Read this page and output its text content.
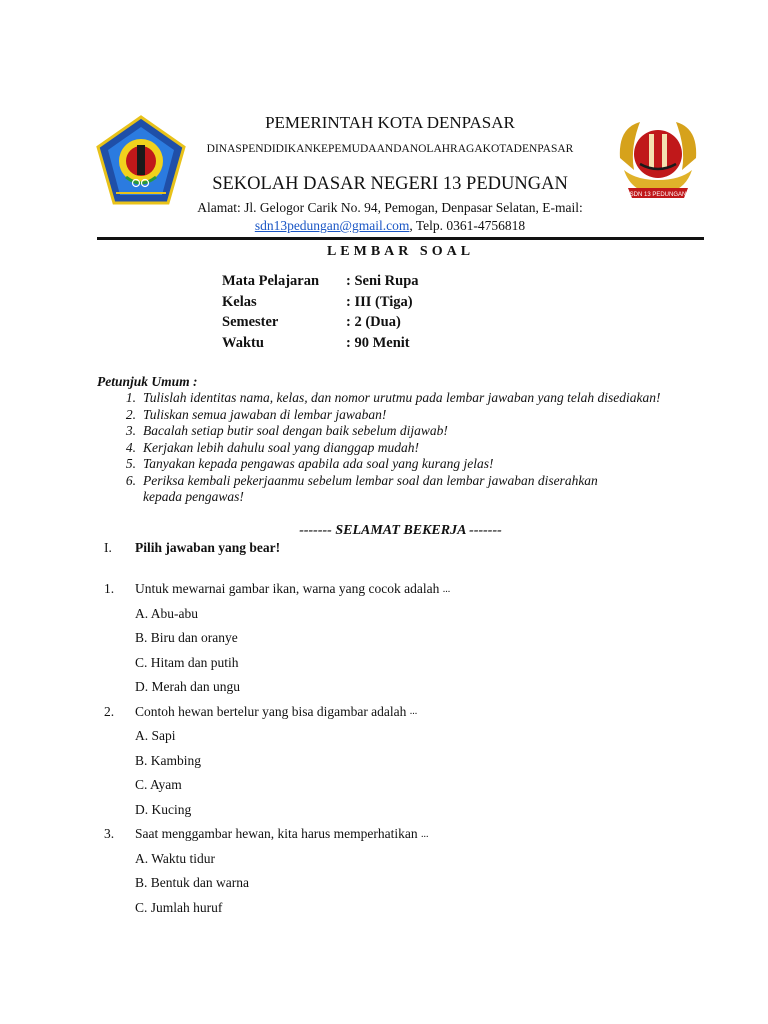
SDN 13 PEDUNGAN
PEMERINTAH KOTA DENPASAR
DINASPENDIDIKANKEPEMUDAANDANOLAHRAGAKOTADENPASAR
SEKOLAH DASAR NEGERI 13 PEDUNGAN
Alamat: Jl. Gelogor Carik No. 94, Pemogan, Denpasar Selatan, E-mail:
sdn13pedungan@gmail.com, Telp. 0361-4756818
LEMBAR SOAL
Mata Pelajaran	: Seni Rupa
Kelas	: III (Tiga)
Semester	: 2 (Dua)
Waktu	: 90 Menit
Petunjuk Umum :
1. Tulislah identitas nama, kelas, dan nomor urutmu pada lembar jawaban yang telah disediakan!
2. Tuliskan semua jawaban di lembar jawaban!
3. Bacalah setiap butir soal dengan baik sebelum dijawab!
4. Kerjakan lebih dahulu soal yang dianggap mudah!
5. Tanyakan kepada pengawas apabila ada soal yang kurang jelas!
6. Periksa kembali pekerjaanmu sebelum lembar soal dan lembar jawaban diserahkan kepada pengawas!
------- SELAMAT BEKERJA -------
I. Pilih jawaban yang bear!
1.	Untuk mewarnai gambar ikan, warna yang cocok adalah
...
A. Abu-abu
B. Biru dan oranye
C. Hitam dan putih
D. Merah dan ungu
2.	Contoh hewan bertelur yang bisa digambar adalah
...
A. Sapi
B. Kambing
C. Ayam
D. Kucing
3.	Saat menggambar hewan, kita harus memperhatikan
...
A. Waktu tidur
B. Bentuk dan warna
C. Jumlah huruf
